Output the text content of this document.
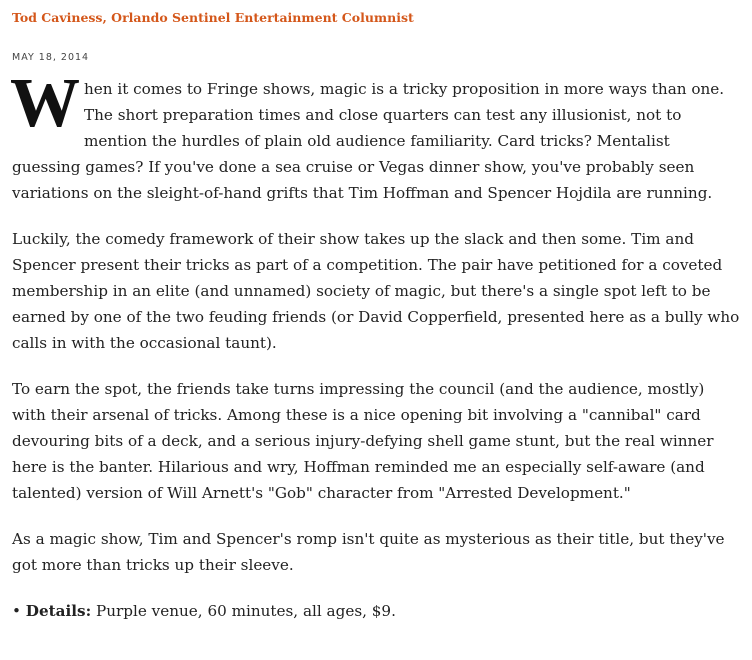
Tod Caviness, Orlando Sentinel Entertainment Columnist
MAY 18, 2014

When it comes to Fringe shows, magic is a tricky proposition in more ways than one. The short preparation times and close quarters can test any illusionist, not to mention the hurdles of plain old audience familiarity. Card tricks? Mentalist guessing games? If you've done a sea cruise or Vegas dinner show, you've probably seen variations on the sleight-of-hand grifts that Tim Hoffman and Spencer Hojdila are running.

Luckily, the comedy framework of their show takes up the slack and then some. Tim and Spencer present their tricks as part of a competition. The pair have petitioned for a coveted membership in an elite (and unnamed) society of magic, but there's a single spot left to be earned by one of the two feuding friends (or David Copperfield, presented here as a bully who calls in with the occasional taunt).

To earn the spot, the friends take turns impressing the council (and the audience, mostly) with their arsenal of tricks. Among these is a nice opening bit involving a "cannibal" card devouring bits of a deck, and a serious injury-defying shell game stunt, but the real winner here is the banter. Hilarious and wry, Hoffman reminded me an especially self-aware (and talented) version of Will Arnett's "Gob" character from "Arrested Development."

As a magic show, Tim and Spencer's romp isn't quite as mysterious as their title, but they've got more than tricks up their sleeve.

• Details: Purple venue, 60 minutes, all ages, $9.
